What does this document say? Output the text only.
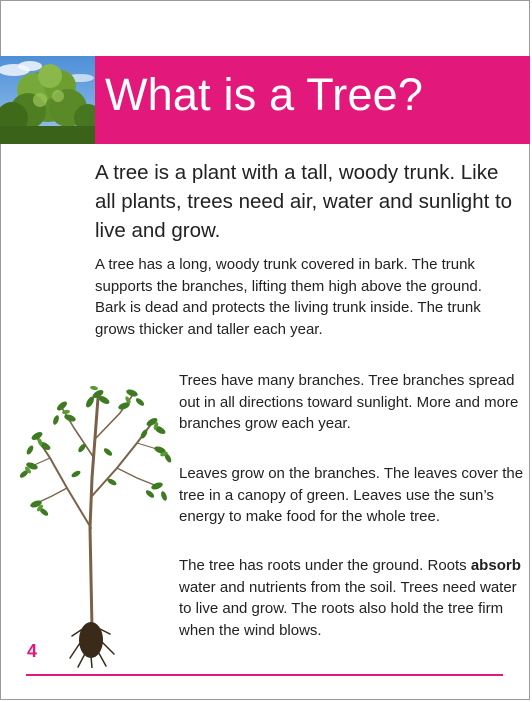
What is a Tree?
A tree is a plant with a tall, woody trunk. Like all plants, trees need air, water and sunlight to live and grow.
A tree has a long, woody trunk covered in bark. The trunk supports the branches, lifting them high above the ground. Bark is dead and protects the living trunk inside. The trunk grows thicker and taller each year.
Trees have many branches. Tree branches spread out in all directions toward sunlight. More and more branches grow each year.
Leaves grow on the branches. The leaves cover the tree in a canopy of green. Leaves use the sun’s energy to make food for the whole tree.
The tree has roots under the ground. Roots absorb water and nutrients from the soil. Trees need water to live and grow. The roots also hold the tree firm when the wind blows.
4
